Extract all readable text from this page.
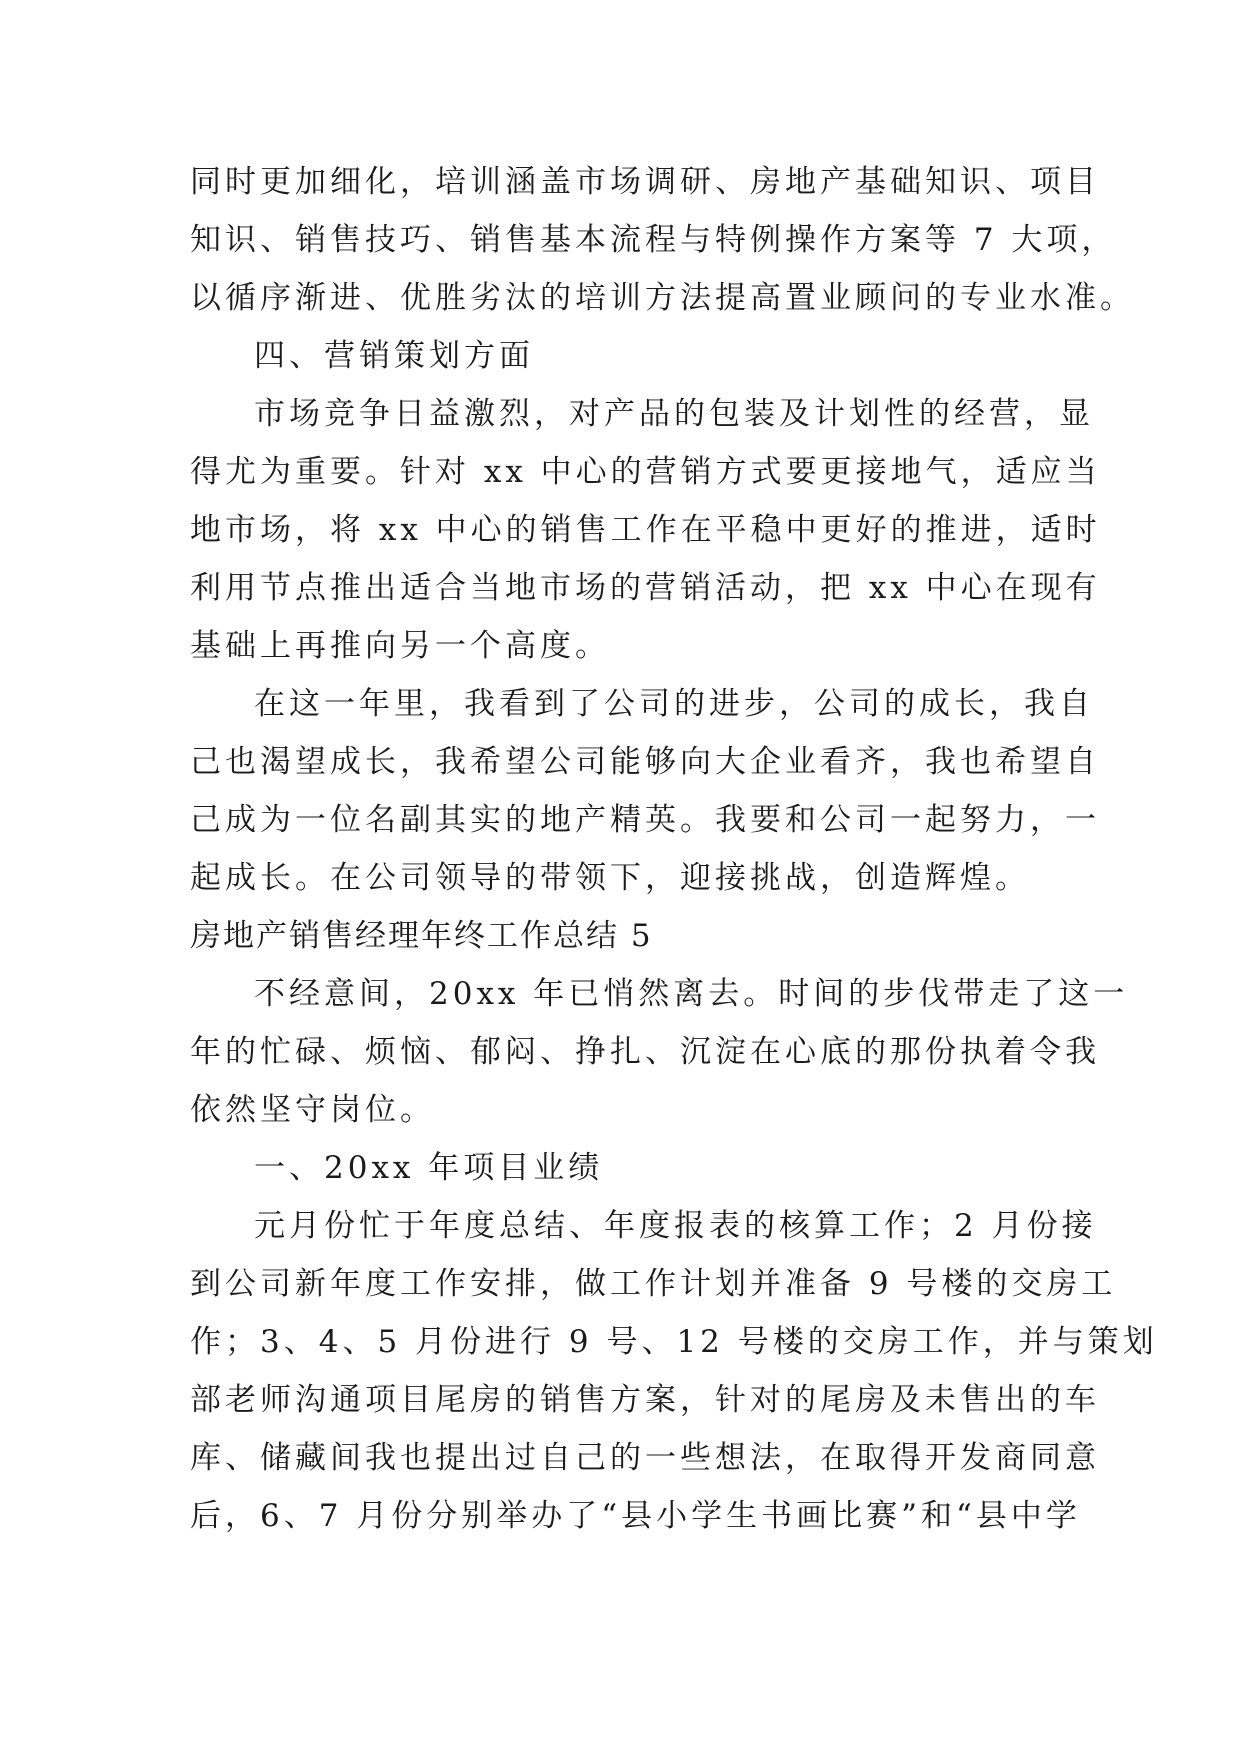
同时更加细化，培训涵盖市场调研、房地产基础知识、项目

知识、销售技巧、销售基本流程与特例操作方案等 7 大项，

以循序渐进、优胜劣汰的培训方法提高置业顾问的专业水准。

四、营销策划方面

市场竞争日益激烈，对产品的包装及计划性的经营，显

得尤为重要。针对 xx 中心的营销方式要更接地气，适应当

地市场，将 xx 中心的销售工作在平稳中更好的推进，适时

利用节点推出适合当地市场的营销活动，把 xx 中心在现有

基础上再推向另一个高度。

在这一年里，我看到了公司的进步，公司的成长，我自

己也渴望成长，我希望公司能够向大企业看齐，我也希望自

己成为一位名副其实的地产精英。我要和公司一起努力，一

起成长。在公司领导的带领下，迎接挑战，创造辉煌。

房地产销售经理年终工作总结 5

不经意间，20xx 年已悄然离去。时间的步伐带走了这一

年的忙碌、烦恼、郁闷、挣扎、沉淀在心底的那份执着令我

依然坚守岗位。

一、20xx 年项目业绩

元月份忙于年度总结、年度报表的核算工作；2 月份接

到公司新年度工作安排，做工作计划并准备 9 号楼的交房工

作；3、4、5 月份进行 9 号、12 号楼的交房工作，并与策划

部老师沟通项目尾房的销售方案，针对的尾房及未售出的车

库、储藏间我也提出过自己的一些想法，在取得开发商同意

后，6、7 月份分别举办了“县小学生书画比赛”和“县中学
